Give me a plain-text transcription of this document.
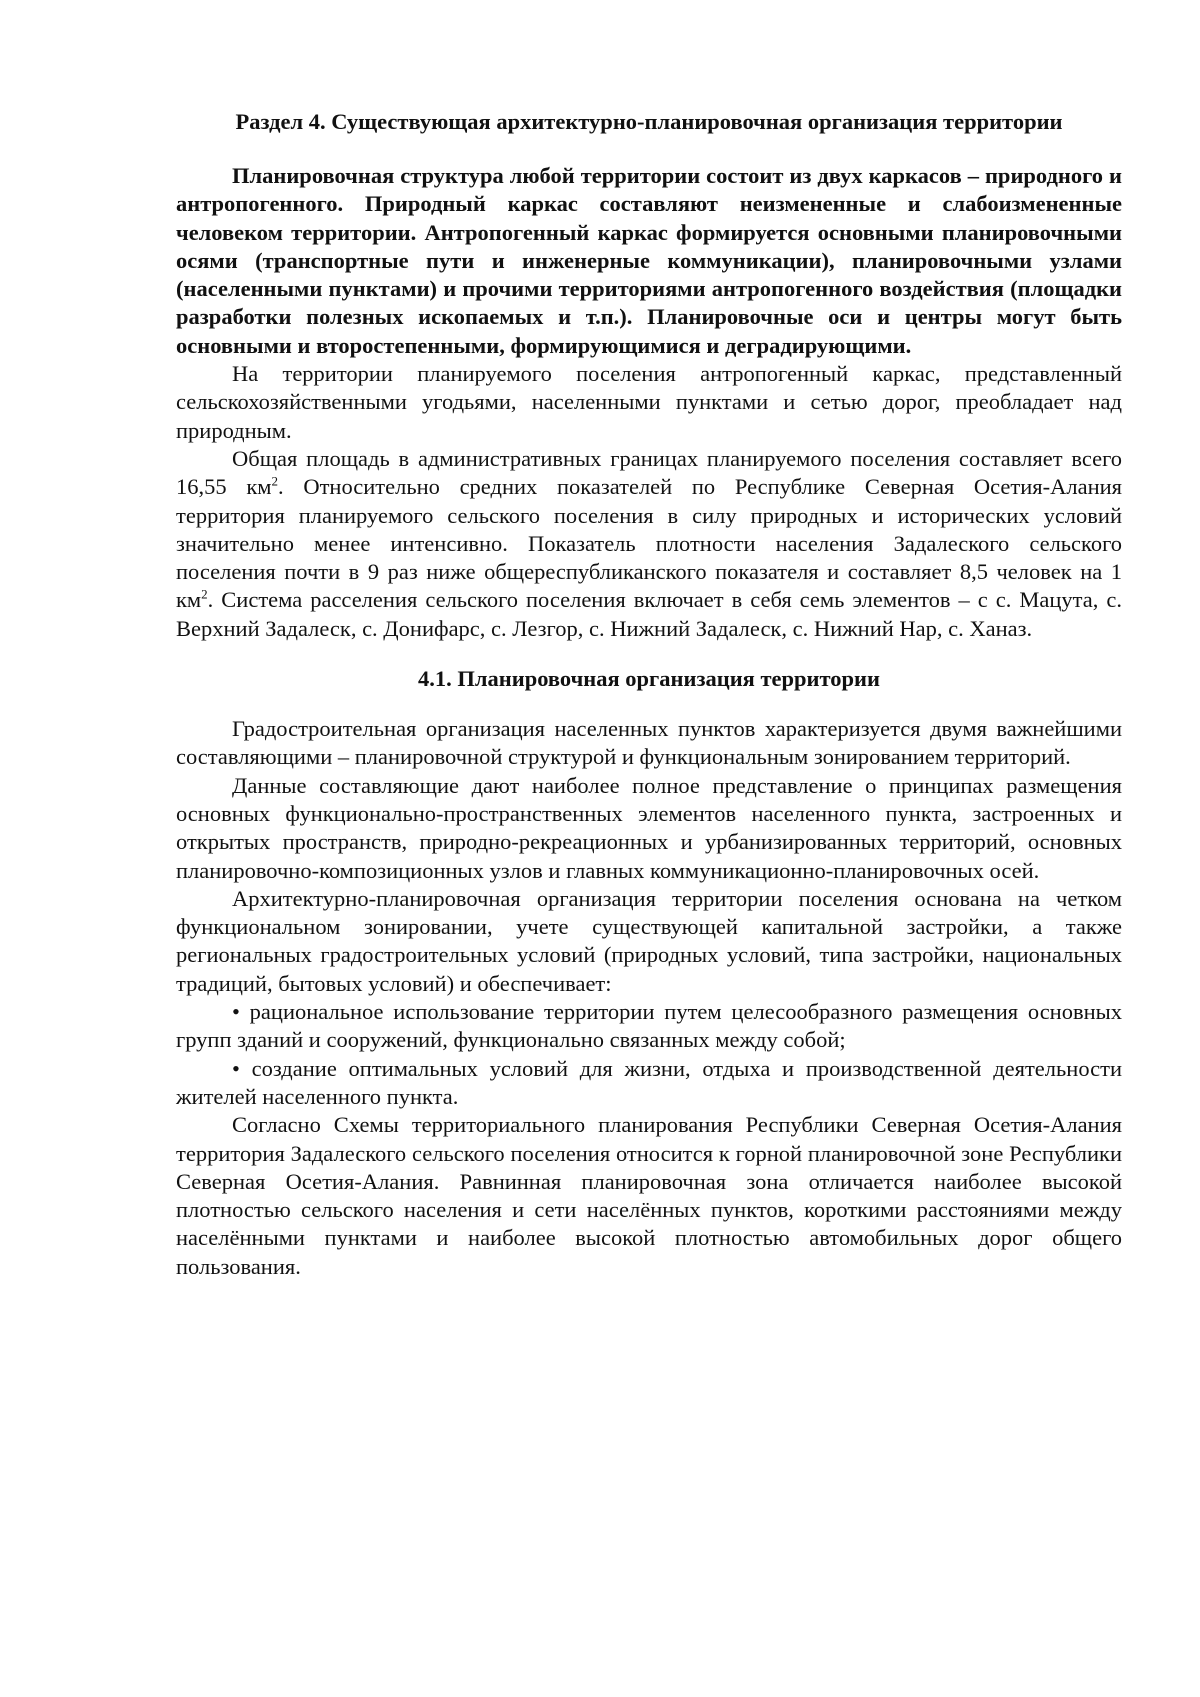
Раздел 4. Существующая архитектурно-планировочная организация территории

Планировочная структура любой территории состоит из двух каркасов – природного и антропогенного. Природный каркас составляют неизмененные и слабоизмененные человеком территории. Антропогенный каркас формируется основными планировочными осями (транспортные пути и инженерные коммуникации), планировочными узлами (населенными пунктами) и прочими территориями антропогенного воздействия (площадки разработки полезных ископаемых и т.п.). Планировочные оси и центры могут быть основными и второстепенными, формирующимися и деградирующими.

На территории планируемого поселения антропогенный каркас, представленный сельскохозяйственными угодьями, населенными пунктами и сетью дорог, преобладает над природным.

Общая площадь в административных границах планируемого поселения составляет всего 16,55 $км^2$. Относительно средних показателей по Республике Северная Осетия-Алания территория планируемого сельского поселения в силу природных и исторических условий значительно менее интенсивно. Показатель плотности населения Задалеского сельского поселения почти в 9 раз ниже общереспубликанского показателя и составляет 8,5 человек на 1 $км^2$. Система расселения сельского поселения включает в себя семь элементов – с с. Мацута, с. Верхний Задалеск, с. Донифарс, с. Лезгор, с. Нижний Задалеск, с. Нижний Нар, с. Ханаз.

4.1. Планировочная организация территории

Градостроительная организация населенных пунктов характеризуется двумя важнейшими составляющими – планировочной структурой и функциональным зонированием территорий.

Данные составляющие дают наиболее полное представление о принципах размещения основных функционально-пространственных элементов населенного пункта, застроенных и открытых пространств, природно-рекреационных и урбанизированных территорий, основных планировочно-композиционных узлов и главных коммуникационно-планировочных осей.

Архитектурно-планировочная организация территории поселения основана на четком функциональном зонировании, учете существующей капитальной застройки, а также региональных градостроительных условий (природных условий, типа застройки, национальных традиций, бытовых условий) и обеспечивает:

• рациональное использование территории путем целесообразного размещения основных групп зданий и сооружений, функционально связанных между собой;

• создание оптимальных условий для жизни, отдыха и производственной деятельности жителей населенного пункта.

Согласно Схемы территориального планирования Республики Северная Осетия-Алания территория Задалеского сельского поселения относится к горной планировочной зоне Республики Северная Осетия-Алания. Равнинная планировочная зона отличается наиболее высокой плотностью сельского населения и сети населённых пунктов, короткими расстояниями между населёнными пунктами и наиболее высокой плотностью автомобильных дорог общего пользования.
